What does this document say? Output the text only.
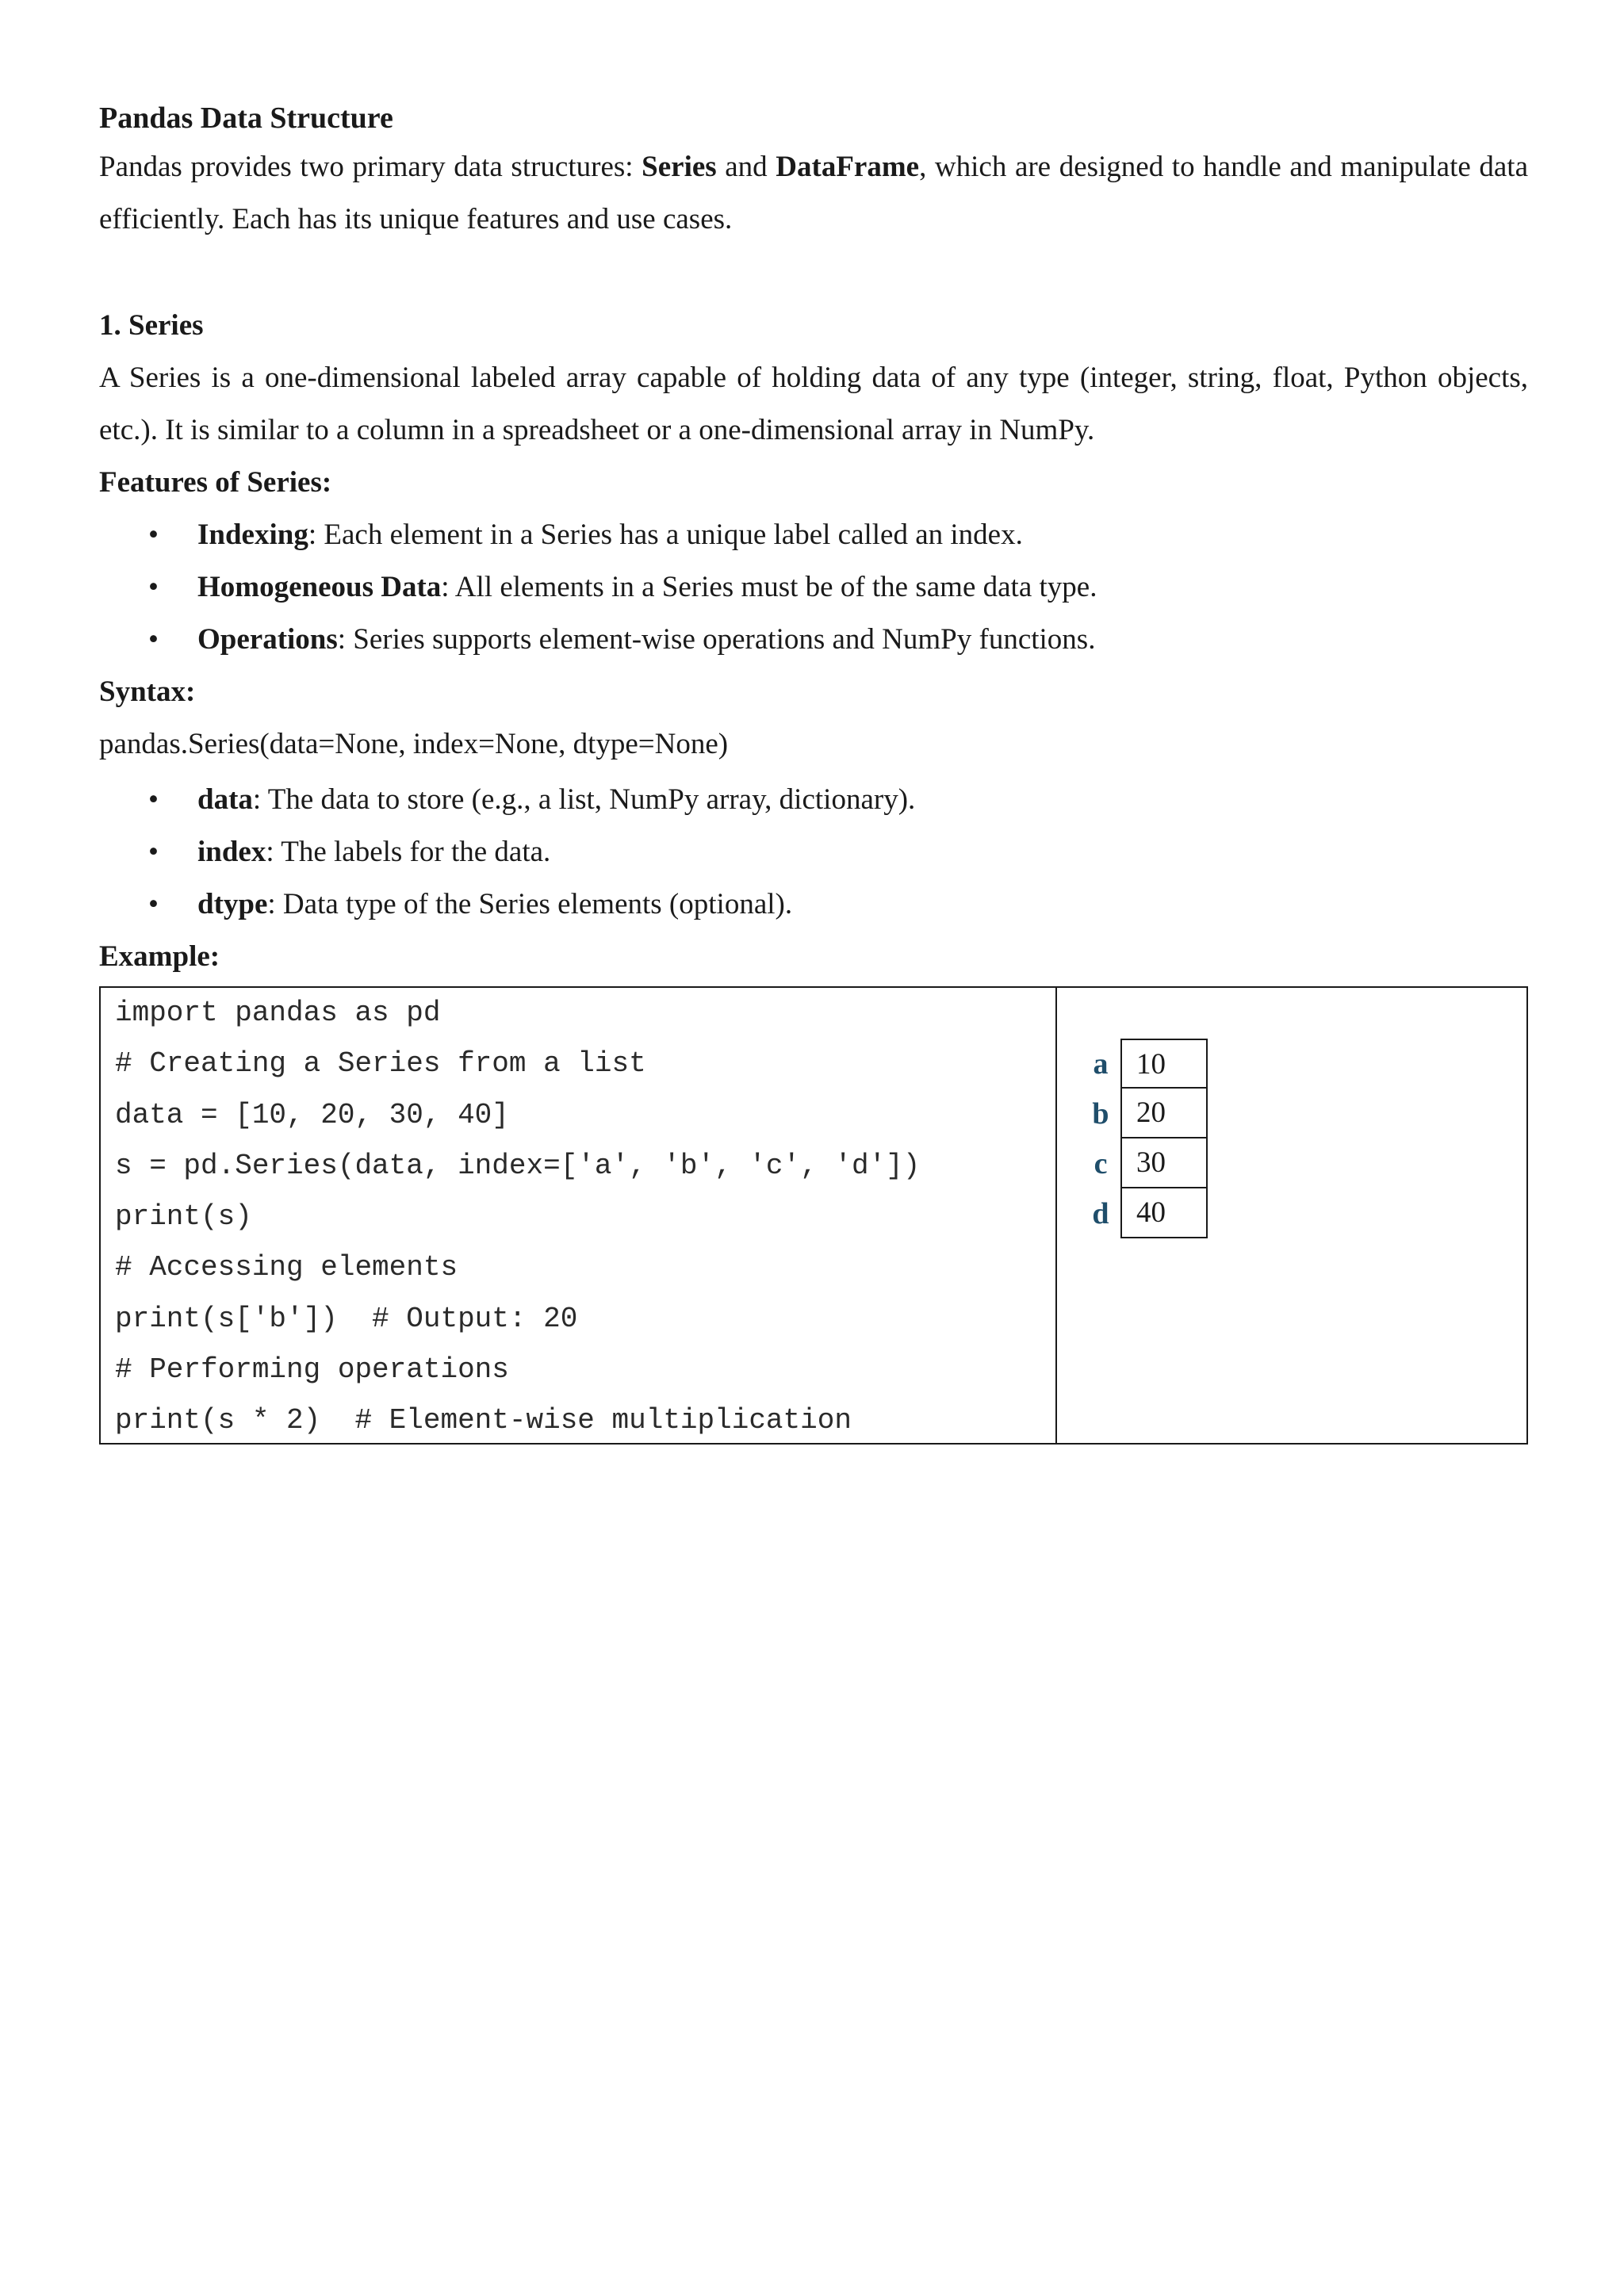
Pandas Data Structure

Pandas provides two primary data structures: Series and DataFrame, which are designed to handle and manipulate data efficiently. Each has its unique features and use cases.

1. Series

A Series is a one-dimensional labeled array capable of holding data of any type (integer, string, float, Python objects, etc.). It is similar to a column in a spreadsheet or a one-dimensional array in NumPy.

Features of Series:
• Indexing: Each element in a Series has a unique label called an index.
• Homogeneous Data: All elements in a Series must be of the same data type.
• Operations: Series supports element-wise operations and NumPy functions.
Syntax:

pandas.Series(data=None, index=None, dtype=None)

• data: The data to store (e.g., a list, NumPy array, dictionary).
• index: The labels for the data.
• dtype: Data type of the Series elements (optional).
Example:
import pandas as pd
# Creating a Series from a list
data = [10, 20, 30, 40]
s = pd.Series(data, index=['a', 'b', 'c', 'd'])
print(s)
# Accessing elements
print(s['b'])  # Output: 20
# Performing operations
print(s * 2)  # Element-wise multiplication
a 10
b 20
c 30
d 40
